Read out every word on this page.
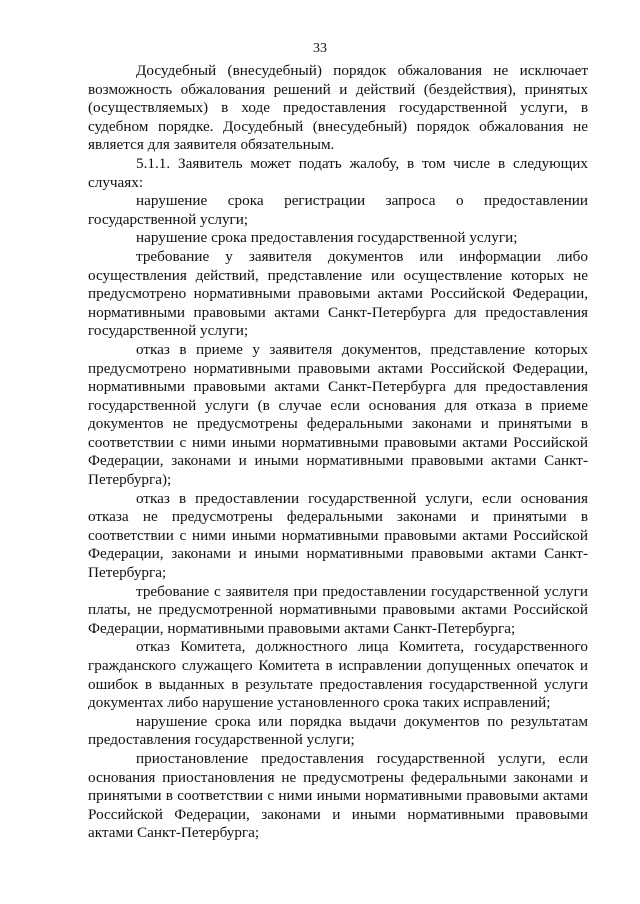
33

Досудебный (внесудебный) порядок обжалования не исключает возможность обжалования решений и действий (бездействия), принятых (осуществляемых) в ходе предоставления государственной услуги, в судебном порядке. Досудебный (внесудебный) порядок обжалования не является для заявителя обязательным.

5.1.1. Заявитель может подать жалобу, в том числе в следующих случаях:

нарушение срока регистрации запроса о предоставлении государственной услуги;

нарушение срока предоставления государственной услуги;

требование у заявителя документов или информации либо осуществления действий, представление или осуществление которых не предусмотрено нормативными правовыми актами Российской Федерации, нормативными правовыми актами Санкт-Петербурга для предоставления государственной услуги;

отказ в приеме у заявителя документов, представление которых предусмотрено нормативными правовыми актами Российской Федерации, нормативными правовыми актами Санкт-Петербурга для предоставления государственной услуги (в случае если основания для отказа в приеме документов не предусмотрены федеральными законами и принятыми в соответствии с ними иными нормативными правовыми актами Российской Федерации, законами и иными нормативными правовыми актами Санкт-Петербурга);

отказ в предоставлении государственной услуги, если основания отказа не предусмотрены федеральными законами и принятыми в соответствии с ними иными нормативными правовыми актами Российской Федерации, законами и иными нормативными правовыми актами Санкт-Петербурга;

требование с заявителя при предоставлении государственной услуги платы, не предусмотренной нормативными правовыми актами Российской Федерации, нормативными правовыми актами Санкт-Петербурга;

отказ Комитета, должностного лица Комитета, государственного гражданского служащего Комитета в исправлении допущенных опечаток и ошибок в выданных в результате предоставления государственной услуги документах либо нарушение установленного срока таких исправлений;

нарушение срока или порядка выдачи документов по результатам предоставления государственной услуги;

приостановление предоставления государственной услуги, если основания приостановления не предусмотрены федеральными законами и принятыми в соответствии с ними иными нормативными правовыми актами Российской Федерации, законами и иными нормативными правовыми актами Санкт-Петербурга;
